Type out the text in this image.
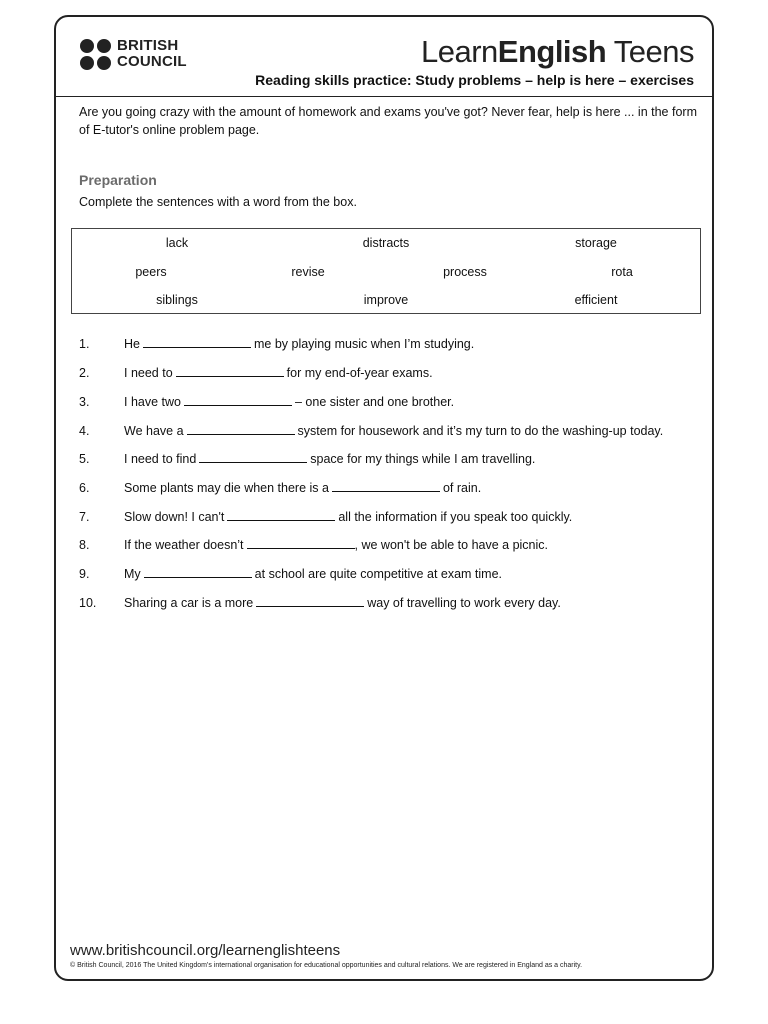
BRITISH
COUNCIL	LearnEnglish Teens
Reading skills practice: Study problems – help is here – exercises
Are you going crazy with the amount of homework and exams you've got? Never fear, help is here ... in the form of E-tutor's online problem page.
Preparation
Complete the sentences with a word from the box.
lack	distracts	storage
peers	revise	process	rota
siblings	improve	efficient
1.	He	me by playing music when I’m studying.
2.	I need to	for my end-of-year exams.
3.	I have two	– one sister and one brother.
4.	We have a	system for housework and it’s my turn to do the washing-up today.
5.	I need to find	space for my things while I am travelling.
6.	Some plants may die when there is a	of rain.
7.	Slow down! I can't	all the information if you speak too quickly.
8.	If the weather doesn’t	, we won't be able to have a picnic.
9.	My	at school are quite competitive at exam time.
10. Sharing a car is a more	way of travelling to work every day.
www.britishcouncil.org/learnenglishteens
© British Council, 2016 The United Kingdom’s international organisation for educational opportunities and cultural relations. We are registered in England as a charity.
